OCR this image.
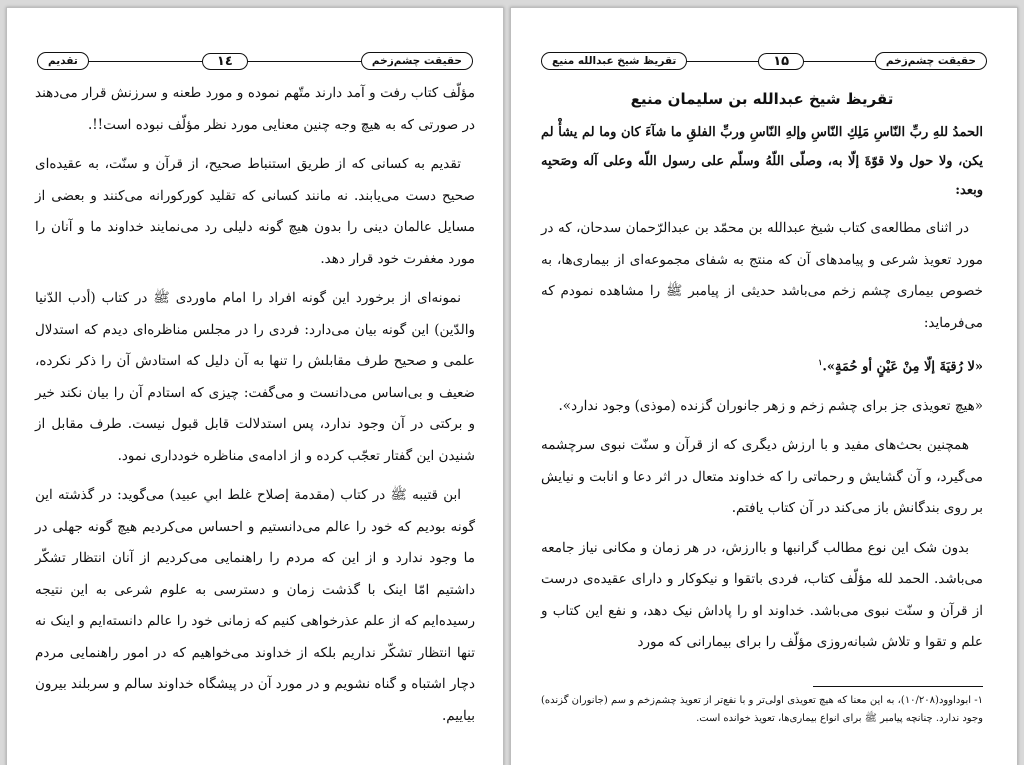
حقیقت چشم‌زخم
۱٤
تقدیم

مؤلّف کتاب رفت و آمد دارند متّهم نموده و مورد طعنه و سرزنش قرار می‌دهند در صورتی که به هیچ وجه چنین معنایی مورد نظر مؤلّف نبوده است!!.

تقدیم به کسانی که از طریق استنباط صحیح، از قرآن و سنّت، به عقیده‌ای صحیح دست می‌یابند. نه مانند کسانی که تقلید کورکورانه می‌کنند و بعضی از مسایل عالمان دینی را بدون هیچ گونه دلیلی رد می‌نمایند خداوند ما و آنان را مورد مغفرت خود قرار دهد.

نمونه‌ای از برخورد این گونه افراد را امام ماوردی ﷺ در کتاب (أدب الدّنیا والدّین) این گونه بیان می‌دارد: فردی را در مجلس مناظره‌ای دیدم که استدلال علمی و صحیح طرف مقابلش را تنها به آن دلیل که استادش آن را ذکر نکرده، ضعیف و بی‌اساس می‌دانست و می‌گفت: چیزی که استادم آن را بیان نکند خیر و برکتی در آن وجود ندارد، پس استدلالت قابل قبول نیست. طرف مقابل از شنیدن این گفتار تعجّب کرده و از ادامه‌ی مناظره خودداری نمود.

ابن قتیبه ﷺ در کتاب (مقدمة إصلاح غلط ابي عبيد) می‌گوید: در گذشته این گونه بودیم که خود را عالم می‌دانستیم و احساس می‌کردیم هیچ گونه جهلی در ما وجود ندارد و از این که مردم را راهنمایی می‌کردیم از آنان انتظار تشکّر داشتیم امّا اینک با گذشت زمان و دسترسی به علوم شرعی به این نتیجه رسیده‌ایم که از علم عذرخواهی کنیم که زمانی خود را عالم دانسته‌ایم و اینک نه تنها انتظار تشکّر نداریم بلکه از خداوند می‌خواهیم که در امور راهنمایی مردم دچار اشتباه و گناه نشویم و در مورد آن در پیشگاه خداوند سالم و سربلند بیرون بیاییم.

حقیقت چشم‌زخم
۱۵
تقریظ شیخ عبدالله منیع

تقریظ شیخ عبدالله بن سلیمان منیع

الحمدُ للهِ ربِّ النّاسِ مَلِكِ النّاسِ وإلهِ النّاسِ وربِّ الفلقِ ما شآءَ كان وما لم يشأْ لم يكن، ولا حول ولا قوّةَ إلّا به، وصلّى اللّهُ وسلّم على رسول اللّه وعلى آله وصَحبِه وبعد:

در اثنای مطالعه‌ی کتاب شیخ عبدالله بن محمّد بن عبدالرّحمان سدحان، که در مورد تعویذ شرعی و پیامدهای آن که منتج به شفای مجموعه‌ای از بیماری‌ها، به خصوص بیماری چشم زخم می‌باشد حدیثی از پیامبر ﷺ را مشاهده نمودم که می‌فرماید:

«لا رُقيَةَ إلّا مِنْ عَيْنٍ أو حُمَةٍ».$^۱$

«هیچ تعویذی جز برای چشم زخم و زهر جانوران گزنده (موذی) وجود ندارد».

همچنین بحث‌های مفید و با ارزش دیگری که از قرآن و سنّت نبوی سرچشمه می‌گیرد، و آن گشایش و رحماتی را که خداوند متعال در اثر دعا و انابت و نیایش بر روی بندگانش باز می‌کند در آن کتاب یافتم.

بدون شک این نوع مطالب گرانبها و باارزش، در هر زمان و مکانی نیاز جامعه می‌باشد. الحمد لله مؤلّف کتاب، فردی باتقوا و نیکوکار و دارای عقیده‌ی درست از قرآن و سنّت نبوی می‌باشد. خداوند او را پاداش نیک دهد، و نفع این کتاب و علم و تقوا و تلاش شبانه‌روزی مؤلّف را برای بیمارانی که مورد

۱- ابوداوود(۱۰/۲۰۸)، به این معنا که هیچ تعویذی اولی‌تر و با نفع‌تر از تعویذ چشم‌زخم و سم (جانوران گزنده) وجود ندارد. چنانچه پیامبر ﷺ برای انواع بیماری‌ها، تعویذ خوانده است.
